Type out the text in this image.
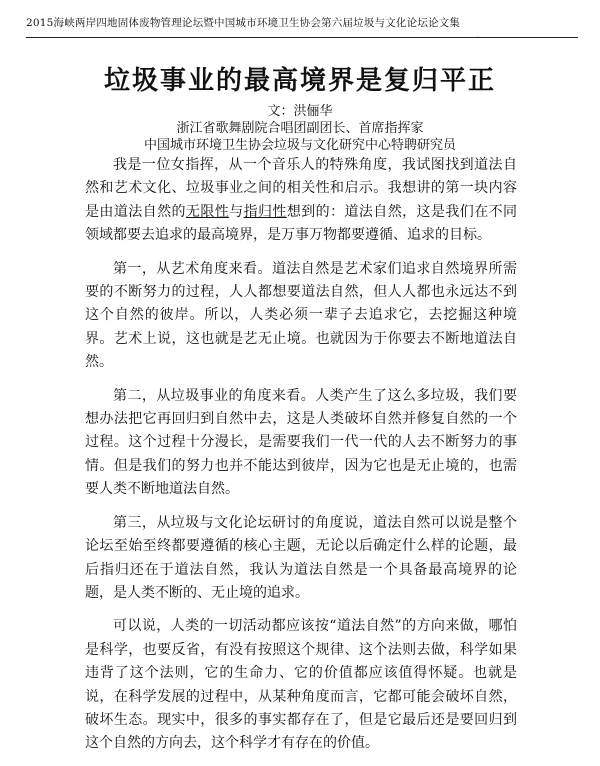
2015海峡两岸四地固体废物管理论坛暨中国城市环境卫生协会第六届垃圾与文化论坛论文集
-
垃圾事业的最高境界是复归平正
文：洪俪华
浙江省歌舞剧院合唱团副团长、首席指挥家
中国城市环境卫生协会垃圾与文化研究中心特聘研究员

我是一位女指挥，从一个音乐人的特殊角度，我试图找到道法自然和艺术文化、垃圾事业之间的相关性和启示。我想讲的第一块内容是由道法自然的无限性与指归性想到的：道法自然，这是我们在不同领域都要去追求的最高境界，是万事万物都要遵循、追求的目标。

第一，从艺术角度来看。道法自然是艺术家们追求自然境界所需要的不断努力的过程，人人都想要道法自然，但人人都也永远达不到这个自然的彼岸。所以，人类必须一辈子去追求它，去挖掘这种境界。艺术上说，这也就是艺无止境。也就因为于你要去不断地道法自然。

第二，从垃圾事业的角度来看。人类产生了这么多垃圾，我们要想办法把它再回归到自然中去，这是人类破坏自然并修复自然的一个过程。这个过程十分漫长，是需要我们一代一代的人去不断努力的事情。但是我们的努力也并不能达到彼岸，因为它也是无止境的，也需要人类不断地道法自然。

第三，从垃圾与文化论坛研讨的角度说，道法自然可以说是整个论坛至始至终都要遵循的核心主题，无论以后确定什么样的论题，最后指归还在于道法自然，我认为道法自然是一个具备最高境界的论题，是人类不断的、无止境的追求。

可以说，人类的一切活动都应该按“道法自然”的方向来做，哪怕是科学，也要反省，有没有按照这个规律、这个法则去做，科学如果违背了这个法则，它的生命力、它的价值都应该值得怀疑。也就是说，在科学发展的过程中，从某种角度而言，它都可能会破坏自然，破坏生态。现实中，很多的事实都存在了，但是它最后还是要回归到这个自然的方向去，这个科学才有存在的价值。
